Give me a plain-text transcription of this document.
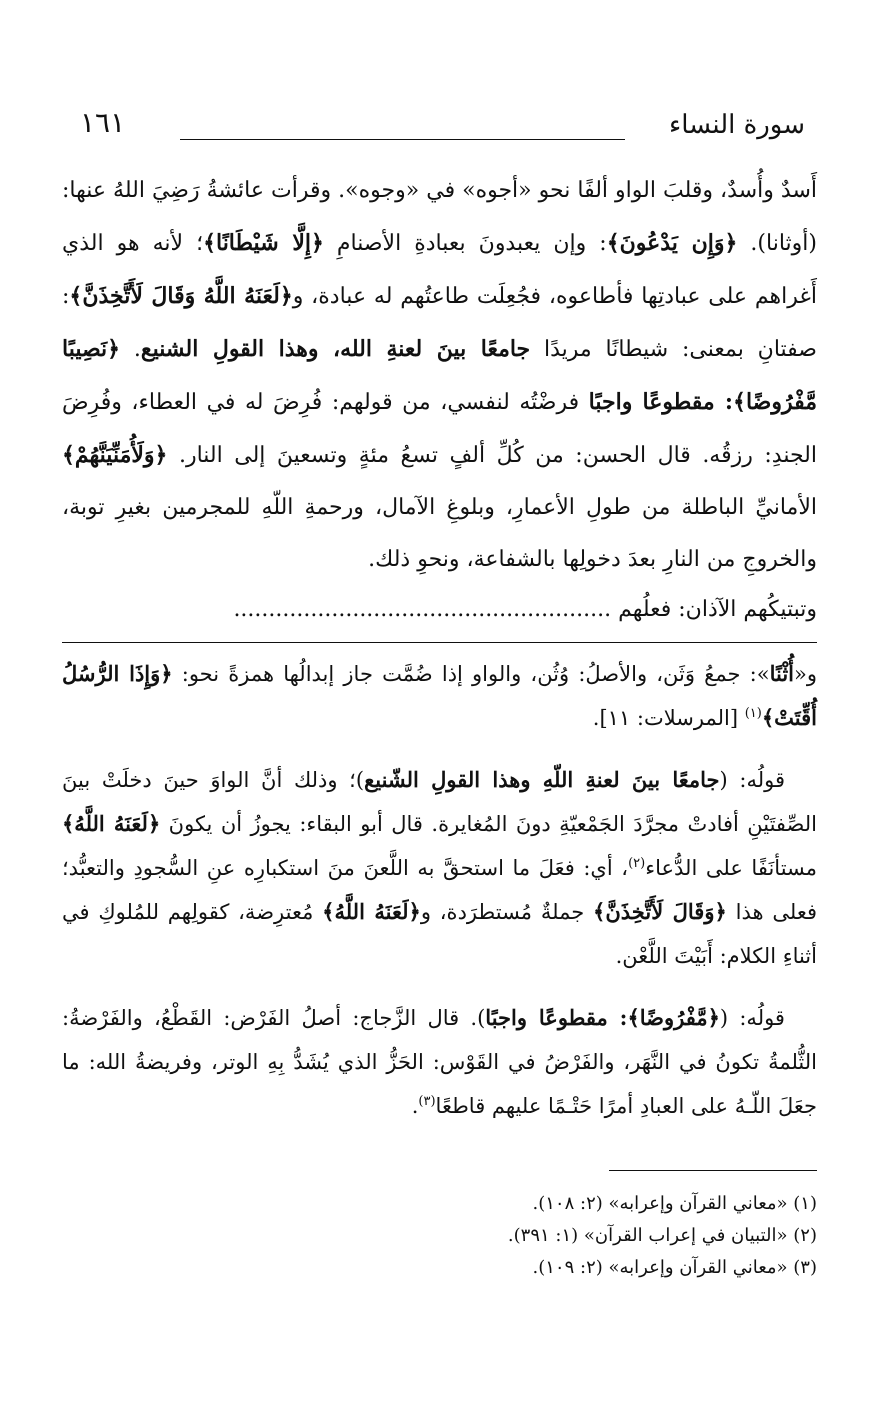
سورة النساء
١٦١

أَسدٌ وأُسدٌ، وقلبَ الواو ألفًا نحو «أجوه» في «وجوه». وقرأت عائشةُ رَضِيَ اللهُ عنها: (أوثانا). ﴿وَإِن يَدْعُونَ﴾: وإن يعبدونَ بعبادةِ الأصنامِ ﴿إِلَّا شَيْطَانًا﴾؛ لأنه هو الذي أَغراهم على عبادتِها فأطاعوه، فجُعِلَت طاعتُهم له عبادة، و﴿لَعَنَهُ اللَّهُ وَقَالَ لَأَتَّخِذَنَّ﴾: صفتانِ بمعنى: شيطانًا مريدًا جامعًا بينَ لعنةِ الله، وهذا القولِ الشنيع. ﴿نَصِيبًا مَّفْرُوضًا﴾: مقطوعًا واجبًا فرضْتُه لنفسي، من قولهم: فُرِضَ له في العطاء، وفُرِضَ الجندِ: رزقُه. قال الحسن: من كُلِّ ألفٍ تسعُ مئةٍ وتسعينَ إلى النار. ﴿وَلَأُمَنِّيَنَّهُمْ﴾ الأمانيِّ الباطلة من طولِ الأعمارِ، وبلوغِ الآمال، ورحمةِ اللّهِ للمجرمين بغيرِ توبة، والخروجِ من النارِ بعدَ دخولِها بالشفاعة، ونحوِ ذلك.

وتبتيكُهم الآذان: فعلُهم ......................................................

و«أُثْنًا»: جمعُ وَثَن، والأصلُ: وُثُن، والواو إذا ضُمَّت جاز إبدالُها همزةً نحو: ﴿وَإِذَا الرُّسُلُ أُقِّتَتْ﴾$^{(١)}$ [المرسلات: ١١].

قولُه: (جامعًا بينَ لعنةِ اللّهِ وهذا القولِ الشّنيع)؛ وذلك أنَّ الواوَ حينَ دخلَتْ بينَ الصِّفتَيْنِ أفادتْ مجرَّدَ الجَمْعيّةِ دونَ المُغايرة. قال أبو البقاء: يجوزُ أن يكونَ ﴿لَعَنَهُ اللَّهُ﴾ مستأنَفًا على الدُّعاء$^{(٢)}$، أي: فعَلَ ما استحقَّ به اللَّعنَ منَ استكبارِه عنِ السُّجودِ والتعبُّد؛ فعلى هذا ﴿وَقَالَ لَأَتَّخِذَنَّ﴾ جملةٌ مُستطرَدة، و﴿لَعَنَهُ اللَّهُ﴾ مُعترِضة، كقولِهم للمُلوكِ في أثناءِ الكلام: أَبَيْتَ اللَّعْن.

قولُه: (﴿مَّفْرُوضًا﴾: مقطوعًا واجبًا). قال الزَّجاج: أصلُ الفَرْض: القَطْعُ، والفَرْضةُ: الثُّلمةُ تكونُ في النَّهَر، والفَرْضُ في القَوْس: الحَزُّ الذي يُشَدُّ بِهِ الوتر، وفريضةُ الله: ما جعَلَ اللّـهُ على العبادِ أمرًا حَتْـمًا عليهم قاطعًا$^{(٣)}$.

(١) «معاني القرآن وإعرابه» (٢: ١٠٨).
(٢) «التبيان في إعراب القرآن» (١: ٣٩١).
(٣) «معاني القرآن وإعرابه» (٢: ١٠٩).
